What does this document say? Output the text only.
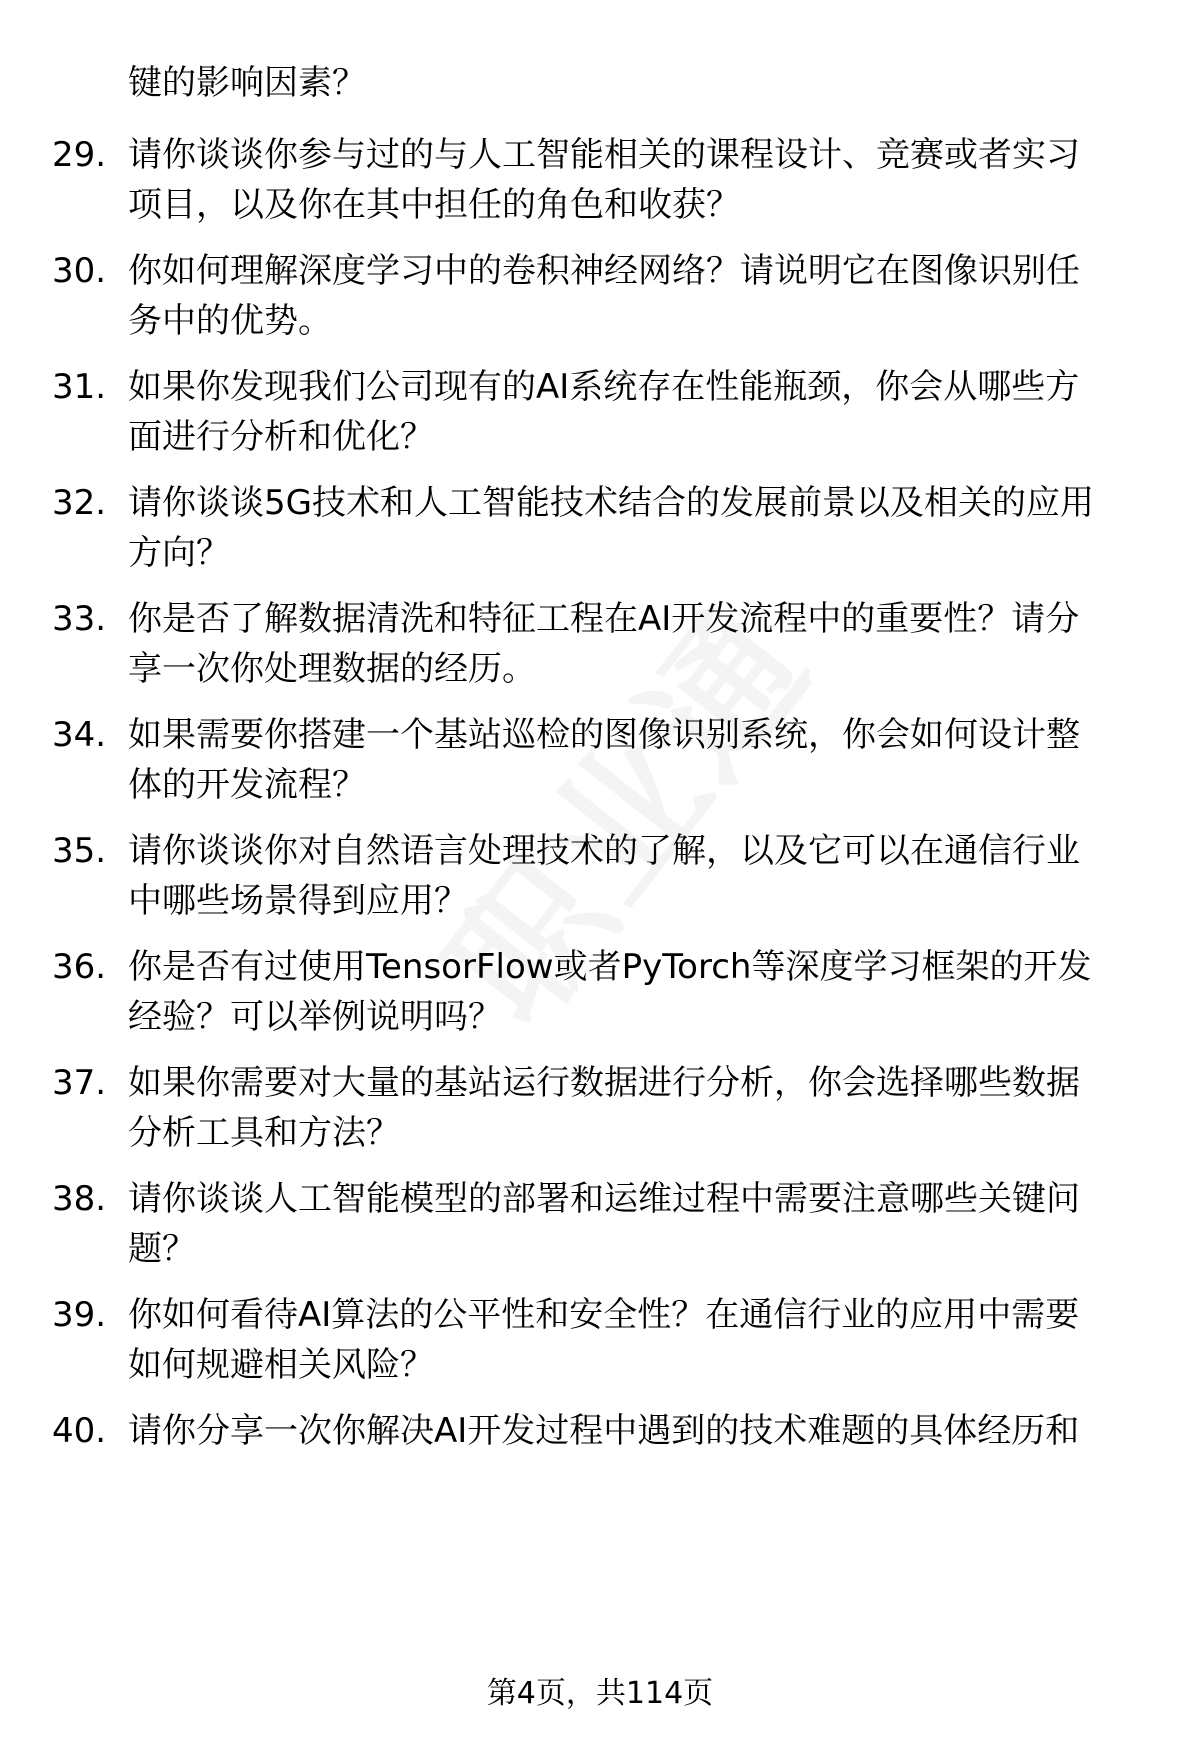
键的影响因素？
29. 请你谈谈你参与过的与人工智能相关的课程设计、竞赛或者实习
项目，以及你在其中担任的角色和收获？
30. 你如何理解深度学习中的卷积神经网络？请说明它在图像识别任
务中的优势。
31. 如果你发现我们公司现有的AI系统存在性能瓶颈，你会从哪些方
面进行分析和优化？
32. 请你谈谈5G技术和人工智能技术结合的发展前景以及相关的应用
方向？
33. 你是否了解数据清洗和特征工程在AI开发流程中的重要性？请分
享一次你处理数据的经历。
34. 如果需要你搭建一个基站巡检的图像识别系统，你会如何设计整
体的开发流程？
35. 请你谈谈你对自然语言处理技术的了解，以及它可以在通信行业
中哪些场景得到应用？
36. 你是否有过使用TensorFlow或者PyTorch等深度学习框架的开发
经验？可以举例说明吗？
37. 如果你需要对大量的基站运行数据进行分析，你会选择哪些数据
分析工具和方法？
38. 请你谈谈人工智能模型的部署和运维过程中需要注意哪些关键问
题？
39. 你如何看待AI算法的公平性和安全性？在通信行业的应用中需要
如何规避相关风险？
40. 请你分享一次你解决AI开发过程中遇到的技术难题的具体经历和
第4页，共114页
